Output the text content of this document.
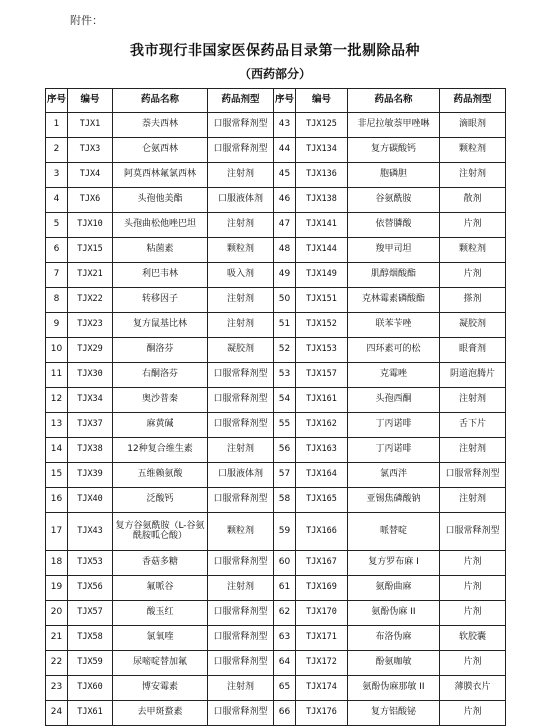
附件：
我市现行非国家医保药品目录第一批剔除品种
（西药部分）
序号	编号	药品名称	药品剂型	序号	编号	药品名称	药品剂型
1	TJX1	萘夫西林	口服常释剂型	43	TJX125	非尼拉敏萘甲唑啉	滴眼剂
2	TJX3	仑氨西林	口服常释剂型	44	TJX134	复方碳酸钙	颗粒剂
3	TJX4	阿莫西林氟氯西林	注射剂	45	TJX136	胞磷胆	注射剂
4	TJX6	头孢他美酯	口服液体剂	46	TJX138	谷氨酰胺	散剂
5	TJX10	头孢曲松他唑巴坦	注射剂	47	TJX141	依替膦酸	片剂
6	TJX15	粘菌素	颗粒剂	48	TJX144	羧甲司坦	颗粒剂
7	TJX21	利巴韦林	吸入剂	49	TJX149	肌醇烟酸酯	片剂
8	TJX22	转移因子	注射剂	50	TJX151	克林霉素磷酸酯	搽剂
9	TJX23	复方鼠基比林	注射剂	51	TJX152	联苯苄唑	凝胶剂
10	TJX29	酮洛芬	凝胶剂	52	TJX153	四环素可的松	眼膏剂
11	TJX30	右酮洛芬	口服常释剂型	53	TJX157	克霉唑	阴道泡腾片
12	TJX34	奥沙普秦	口服常释剂型	54	TJX161	头孢西酮	注射剂
13	TJX37	麻黄碱	口服常释剂型	55	TJX162	丁丙诺啡	舌下片
14	TJX38	12种复合维生素	注射剂	56	TJX163	丁丙诺啡	注射剂
15	TJX39	五维赖氨酸	口服液体剂	57	TJX164	氯西泮	口服常释剂型
16	TJX40	泛酸钙	口服常释剂型	58	TJX165	亚锡焦磷酸钠	注射剂
17	TJX43	复方谷氨酰胺（L-谷氨酰胺呱仑酸）	颗粒剂	59	TJX166	哌替啶	口服常释剂型
18	TJX53	香菇多糖	口服常释剂型	60	TJX167	复方罗布麻 I	片剂
19	TJX56	氟哌谷	注射剂	61	TJX169	氨酚曲麻	片剂
20	TJX57	酸玉红	口服常释剂型	62	TJX170	氨酚伪麻 II	片剂
21	TJX58	氯氧喹	口服常释剂型	63	TJX171	布洛伪麻	软胶囊
22	TJX59	尿嘧啶替加氟	口服常释剂型	64	TJX172	酚氨咖敏	片剂
23	TJX60	博安霉素	注射剂	65	TJX174	氨酚伪麻那敏 II	薄膜衣片
24	TJX61	去甲斑蝥素	口服常释剂型	66	TJX176	复方铝酸铋	片剂
